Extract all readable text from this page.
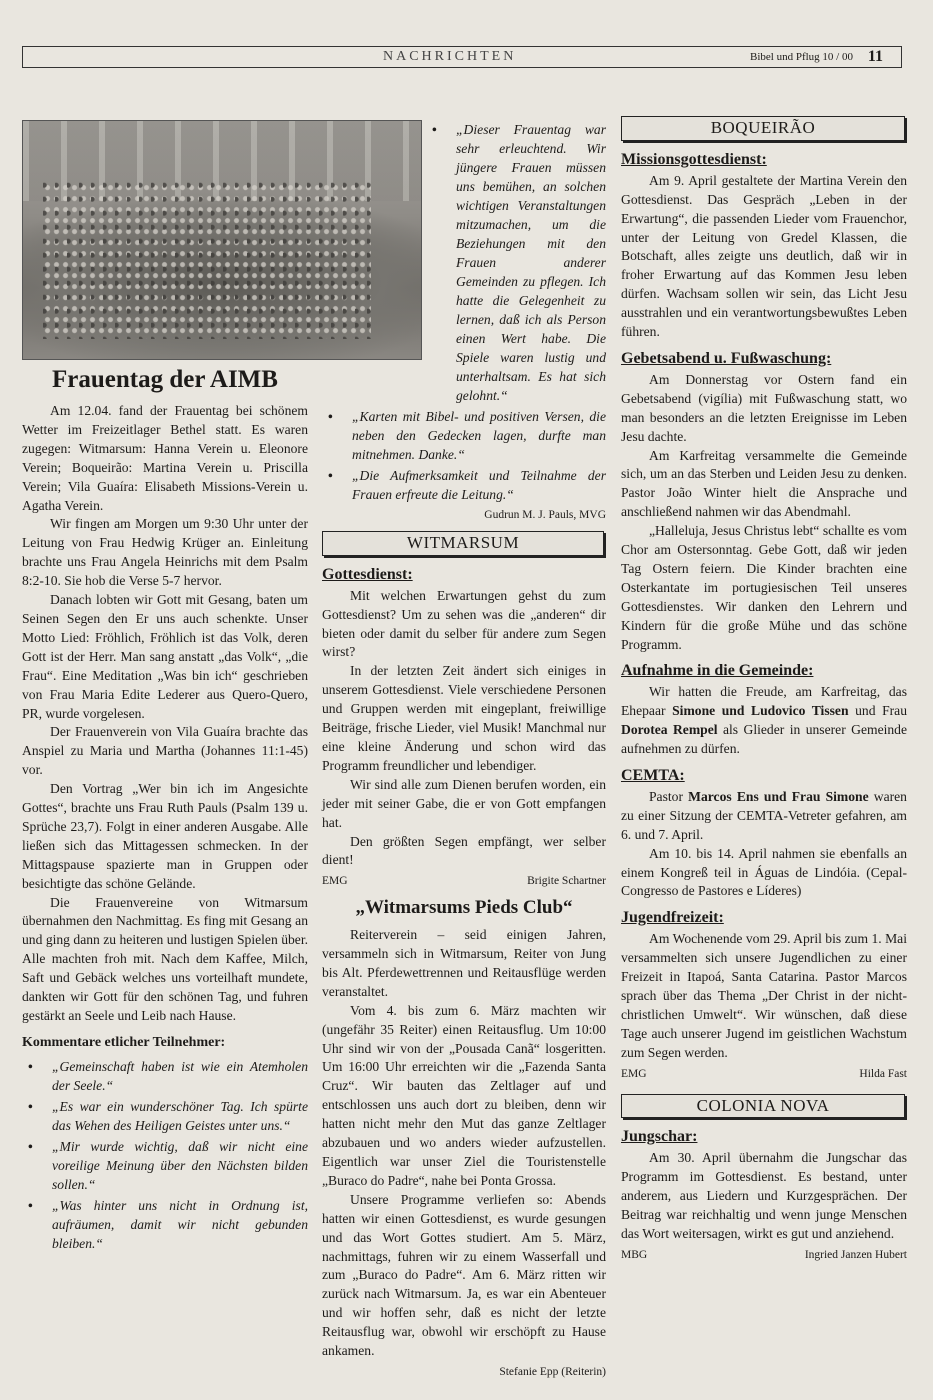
NACHRICHTEN	Bibel und Pflug 10 / 00 11
Frauentag der AIMB

Am 12.04. fand der Frauentag bei schönem Wetter im Freizeitlager Bethel statt. Es waren zugegen: Witmarsum: Hanna Verein u. Eleonore Verein; Boqueirão: Martina Verein u. Priscilla Verein; Vila Guaíra: Elisabeth Missions-Verein u. Agatha Verein.

Wir fingen am Morgen um 9:30 Uhr unter der Leitung von Frau Hedwig Krüger an. Einleitung brachte uns Frau Angela Heinrichs mit dem Psalm 8:2-10. Sie hob die Verse 5-7 hervor.

Danach lobten wir Gott mit Gesang, baten um Seinen Segen den Er uns auch schenkte. Unser Motto Lied: Fröhlich, Fröhlich ist das Volk, deren Gott ist der Herr. Man sang anstatt „das Volk“, „die Frau“. Eine Meditation „Was bin ich“ geschrieben von Frau Maria Edite Lederer aus Quero-Quero, PR, wurde vorgelesen.

Der Frauenverein von Vila Guaíra brachte das Anspiel zu Maria und Martha (Johannes 11:1-45) vor.

Den Vortrag „Wer bin ich im Angesichte Gottes“, brachte uns Frau Ruth Pauls (Psalm 139 u. Sprüche 23,7). Folgt in einer anderen Ausgabe. Alle ließen sich das Mittagessen schmecken. In der Mittagspause spazierte man in Gruppen oder besichtigte das schöne Gelände.

Die Frauenvereine von Witmarsum übernahmen den Nachmittag. Es fing mit Gesang an und ging dann zu heiteren und lustigen Spielen über. Alle machten froh mit. Nach dem Kaffee, Milch, Saft und Gebäck welches uns vorteilhaft mundete, dankten wir Gott für den schönen Tag, und fuhren gestärkt an Seele und Leib nach Hause.

Kommentare etlicher Teilnehmer:
• „Gemeinschaft haben ist wie ein Atemholen der Seele.“
• „Es war ein wunderschöner Tag. Ich spürte das Wehen des Heiligen Geistes unter uns.“
• „Mir wurde wichtig, daß wir nicht eine voreilige Meinung über den Nächsten bilden sollen.“
• „Was hinter uns nicht in Ordnung ist, aufräumen, damit wir nicht gebunden bleiben.“
• „Dieser Frauentag war sehr erleuchtend. Wir jüngere Frauen müssen uns bemühen, an solchen wichtigen Veranstaltungen mitzumachen, um die Beziehungen mit den Frauen anderer Gemeinden zu pflegen. Ich hatte die Gelegenheit zu lernen, daß ich als Person einen Wert habe. Die Spiele waren lustig und unterhaltsam. Es hat sich gelohnt.“
• „Karten mit Bibel- und positiven Versen, die neben den Gedecken lagen, durfte man mitnehmen. Danke.“
• „Die Aufmerksamkeit und Teilnahme der Frauen erfreute die Leitung.“
Gudrun M. J. Pauls, MVG
WITMARSUM
Gottesdienst:

Mit welchen Erwartungen gehst du zum Gottesdienst? Um zu sehen was die „anderen“ dir bieten oder damit du selber für andere zum Segen wirst?

In der letzten Zeit ändert sich einiges in unserem Gottesdienst. Viele verschiedene Personen und Gruppen werden mit eingeplant, freiwillige Beiträge, frische Lieder, viel Musik! Manchmal nur eine kleine Änderung und schon wird das Programm freundlicher und lebendiger.

Wir sind alle zum Dienen berufen worden, ein jeder mit seiner Gabe, die er von Gott empfangen hat.

Den größten Segen empfängt, wer selber dient!

EMG	Brigite Schartner
„Witmarsums Pieds Club“

Reiterverein – seid einigen Jahren, versammeln sich in Witmarsum, Reiter von Jung bis Alt. Pferdewettrennen und Reitausflüge werden veranstaltet.

Vom 4. bis zum 6. März machten wir (ungefähr 35 Reiter) einen Reitausflug. Um 10:00 Uhr sind wir von der „Pousada Canã“ losgeritten. Um 16:00 Uhr erreichten wir die „Fazenda Santa Cruz“. Wir bauten das Zeltlager auf und entschlossen uns auch dort zu bleiben, denn wir hatten nicht mehr den Mut das ganze Zeltlager abzubauen und wo anders wieder aufzustellen. Eigentlich war unser Ziel die Touristenstelle „Buraco do Padre“, nahe bei Ponta Grossa.

Unsere Programme verliefen so: Abends hatten wir einen Gottesdienst, es wurde gesungen und das Wort Gottes studiert. Am 5. März, nachmittags, fuhren wir zu einem Wasserfall und zum „Buraco do Padre“. Am 6. März ritten wir zurück nach Witmarsum. Ja, es war ein Abenteuer und wir hoffen sehr, daß es nicht der letzte Reitausflug war, obwohl wir erschöpft zu Hause ankamen.

Stefanie Epp (Reiterin)
BOQUEIRÃO
Missionsgottesdienst:

Am 9. April gestaltete der Martina Verein den Gottesdienst. Das Gespräch „Leben in der Erwartung“, die passenden Lieder vom Frauenchor, unter der Leitung von Gredel Klassen, die Botschaft, alles zeigte uns deutlich, daß wir in froher Erwartung auf das Kommen Jesu leben dürfen. Wachsam sollen wir sein, das Licht Jesu ausstrahlen und ein verantwortungsbewußtes Leben führen.

Gebetsabend u. Fußwaschung:

Am Donnerstag vor Ostern fand ein Gebetsabend (vigília) mit Fußwaschung statt, wo man besonders an die letzten Ereignisse im Leben Jesu dachte.

Am Karfreitag versammelte die Gemeinde sich, um an das Sterben und Leiden Jesu zu denken. Pastor João Winter hielt die Ansprache und anschließend nahmen wir das Abendmahl.

„Halleluja, Jesus Christus lebt“ schallte es vom Chor am Ostersonntag. Gebe Gott, daß wir jeden Tag Ostern feiern. Die Kinder brachten eine Osterkantate im portugiesischen Teil unseres Gottesdienstes. Wir danken den Lehrern und Kindern für die große Mühe und das schöne Programm.

Aufnahme in die Gemeinde:

Wir hatten die Freude, am Karfreitag, das Ehepaar Simone und Ludovico Tissen und Frau Dorotea Rempel als Glieder in unserer Gemeinde aufnehmen zu dürfen.

CEMTA:

Pastor Marcos Ens und Frau Simone waren zu einer Sitzung der CEMTA-Vetreter gefahren, am 6. und 7. April.

Am 10. bis 14. April nahmen sie ebenfalls an einem Kongreß teil in Águas de Lindóia. (Cepal- Congresso de Pastores e Líderes)

Jugendfreizeit:

Am Wochenende vom 29. April bis zum 1. Mai versammelten sich unsere Jugendlichen zu einer Freizeit in Itapoá, Santa Catarina. Pastor Marcos sprach über das Thema „Der Christ in der nicht-christlichen Umwelt“. Wir wünschen, daß diese Tage auch unserer Jugend im geistlichen Wachstum zum Segen werden.

EMG	Hilda Fast
COLONIA NOVA
Jungschar:

Am 30. April übernahm die Jungschar das Programm im Gottesdienst. Es bestand, unter anderem, aus Liedern und Kurzgesprächen. Der Beitrag war reichhaltig und wenn junge Menschen das Wort weitersagen, wirkt es gut und anziehend.

MBG	Ingried Janzen Hubert
